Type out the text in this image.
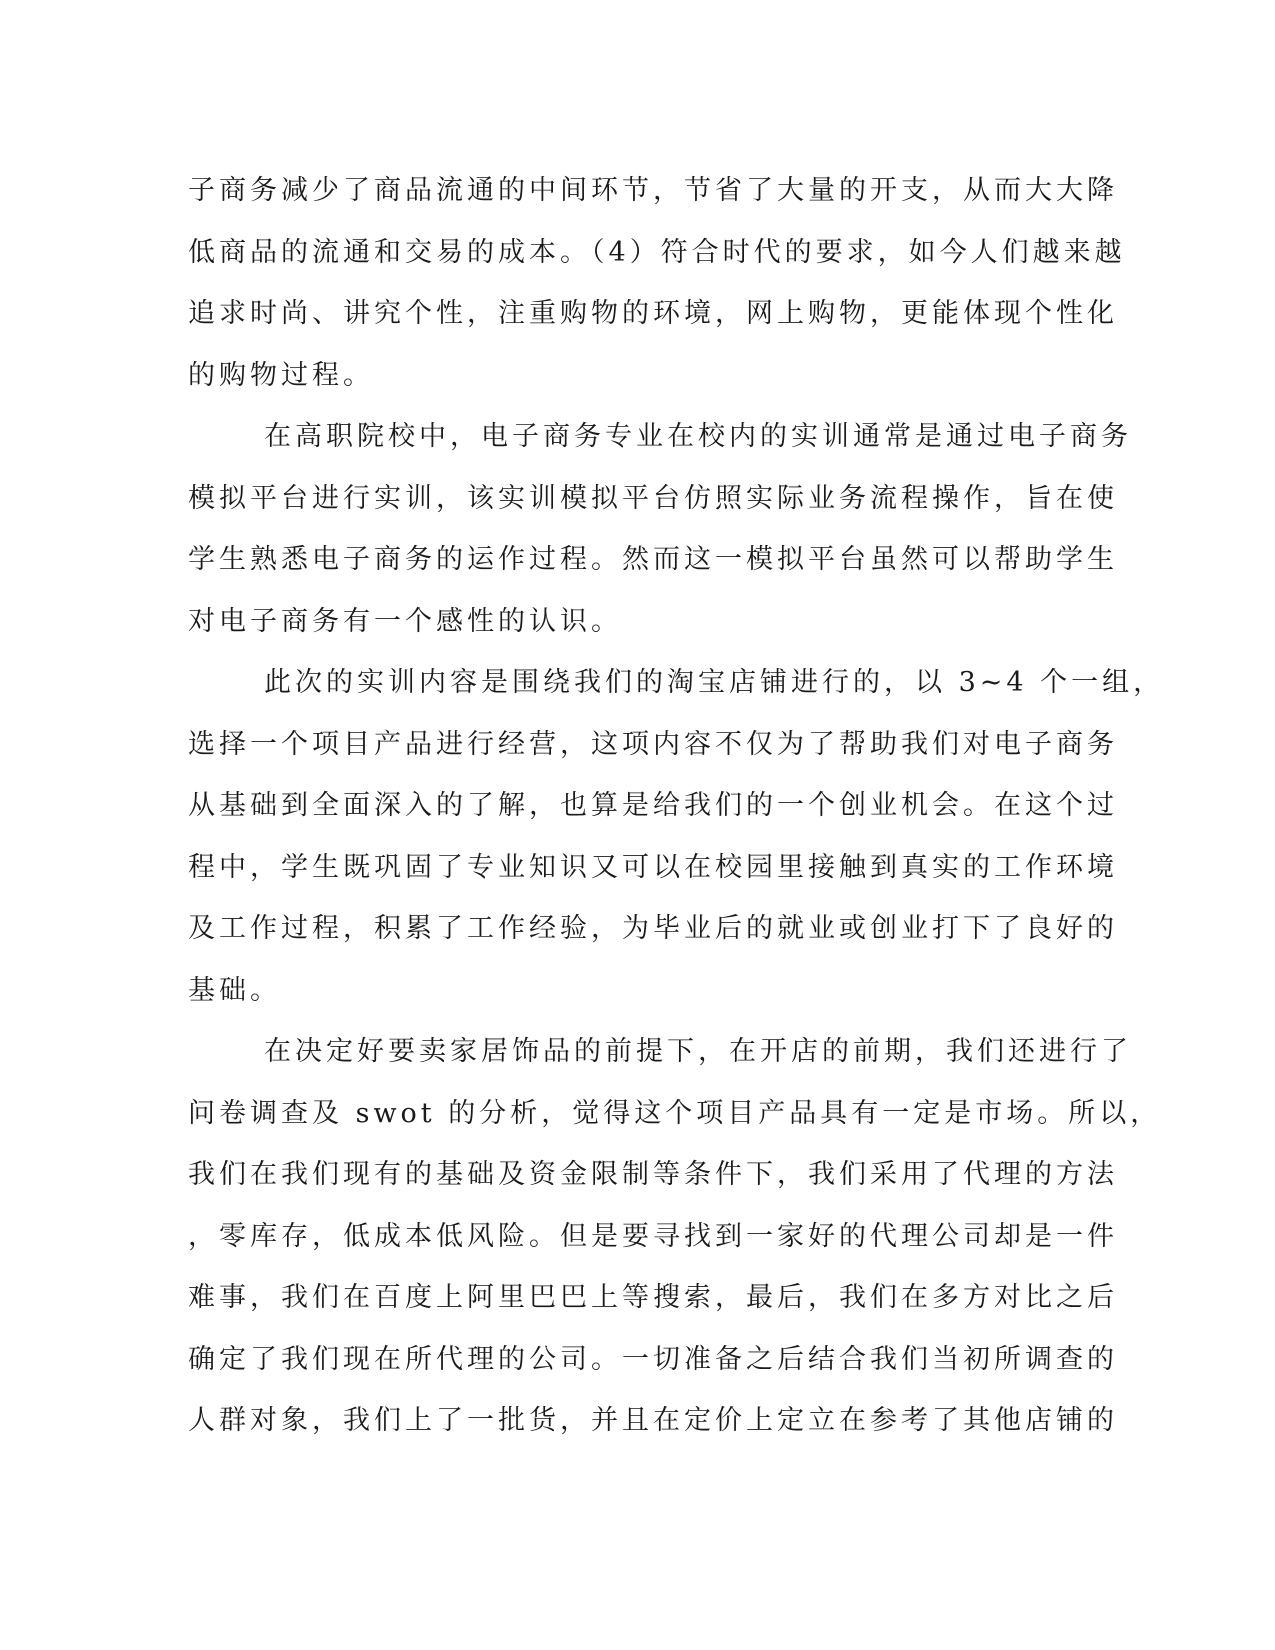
子商务减少了商品流通的中间环节，节省了大量的开支，从而大大降
低商品的流通和交易的成本。（4）符合时代的要求，如今人们越来越
追求时尚、讲究个性，注重购物的环境，网上购物，更能体现个性化
的购物过程。
在高职院校中，电子商务专业在校内的实训通常是通过电子商务
模拟平台进行实训，该实训模拟平台仿照实际业务流程操作，旨在使
学生熟悉电子商务的运作过程。然而这一模拟平台虽然可以帮助学生
对电子商务有一个感性的认识。
此次的实训内容是围绕我们的淘宝店铺进行的，以 3~4 个一组，
选择一个项目产品进行经营，这项内容不仅为了帮助我们对电子商务
从基础到全面深入的了解，也算是给我们的一个创业机会。在这个过
程中，学生既巩固了专业知识又可以在校园里接触到真实的工作环境
及工作过程，积累了工作经验，为毕业后的就业或创业打下了良好的
基础。
在决定好要卖家居饰品的前提下，在开店的前期，我们还进行了
问卷调查及 swot 的分析，觉得这个项目产品具有一定是市场。所以，
我们在我们现有的基础及资金限制等条件下，我们采用了代理的方法
，零库存，低成本低风险。但是要寻找到一家好的代理公司却是一件
难事，我们在百度上阿里巴巴上等搜索，最后，我们在多方对比之后
确定了我们现在所代理的公司。一切准备之后结合我们当初所调查的
人群对象，我们上了一批货，并且在定价上定立在参考了其他店铺的
